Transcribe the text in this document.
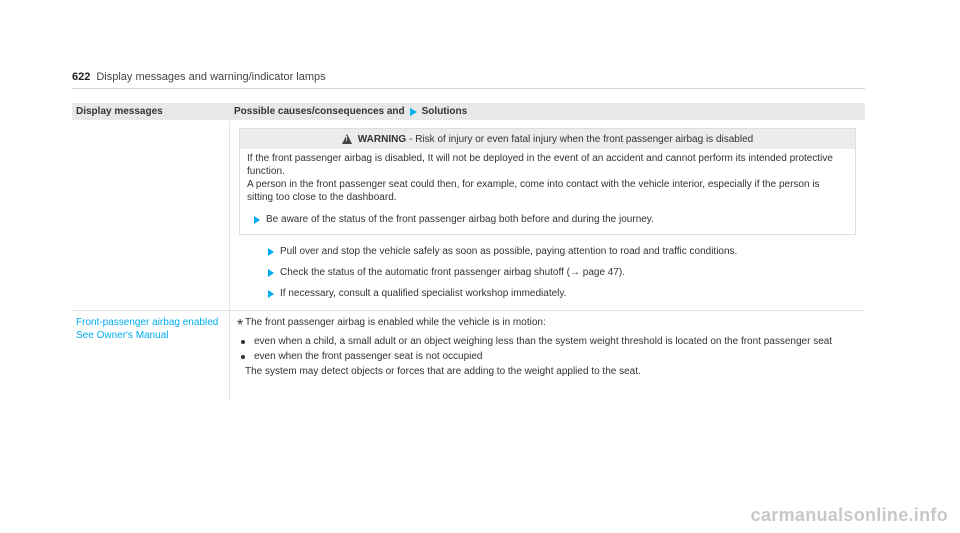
622 Display messages and warning/indicator lamps
Display messages	Possible causes/consequences and Solutions
!
WARNING - Risk of injury or even fatal injury when the front passenger airbag is disabled

If the front passenger airbag is disabled, It will not be deployed in the event of an accident and cannot perform its intended protective function.

A person in the front passenger seat could then, for example, come into contact with the vehicle interior, especially if the person is sitting too close to the dashboard.

Be aware of the status of the front passenger airbag both before and during the journey.
Pull over and stop the vehicle safely as soon as possible, paying attention to road and traffic conditions.
Check the status of the automatic front passenger airbag shutoff (→ page 47).
If necessary, consult a qualified specialist workshop immediately.
Front-passenger airbag enabled See Owner's Manual
* The front passenger airbag is enabled while the vehicle is in motion:

even when a child, a small adult or an object weighing less than the system weight threshold is located on the front passenger seat
even when the front passenger seat is not occupied

The system may detect objects or forces that are adding to the weight applied to the seat.

carmanualsonline.info
